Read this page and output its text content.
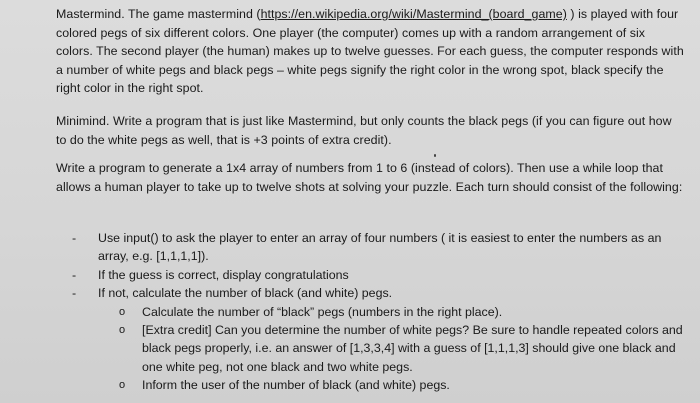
Mastermind. The game mastermind (https://en.wikipedia.org/wiki/Mastermind_(board_game) ) is played with four colored pegs of six different colors. One player (the computer) comes up with a random arrangement of six colors. The second player (the human) makes up to twelve guesses. For each guess, the computer responds with a number of white pegs and black pegs – white pegs signify the right color in the wrong spot, black specify the right color in the right spot.

Minimind. Write a program that is just like Mastermind, but only counts the black pegs (if you can figure out how to do the white pegs as well, that is +3 points of extra credit).

Write a program to generate a 1x4 array of numbers from 1 to 6 (instead of colors). Then use a while loop that allows a human player to take up to twelve shots at solving your puzzle. Each turn should consist of the following:

-	Use input() to ask the player to enter an array of four numbers ( it is easiest to enter the numbers as an array, e.g. [1,1,1,1]).
-	If the guess is correct, display congratulations
-	If not, calculate the number of black (and white) pegs.
o	Calculate the number of “black” pegs (numbers in the right place).
o	[Extra credit] Can you determine the number of white pegs? Be sure to handle repeated colors and black pegs properly, i.e. an answer of [1,3,3,4] with a guess of [1,1,1,3] should give one black and one white peg, not one black and two white pegs.
o	Inform the user of the number of black (and white) pegs.
